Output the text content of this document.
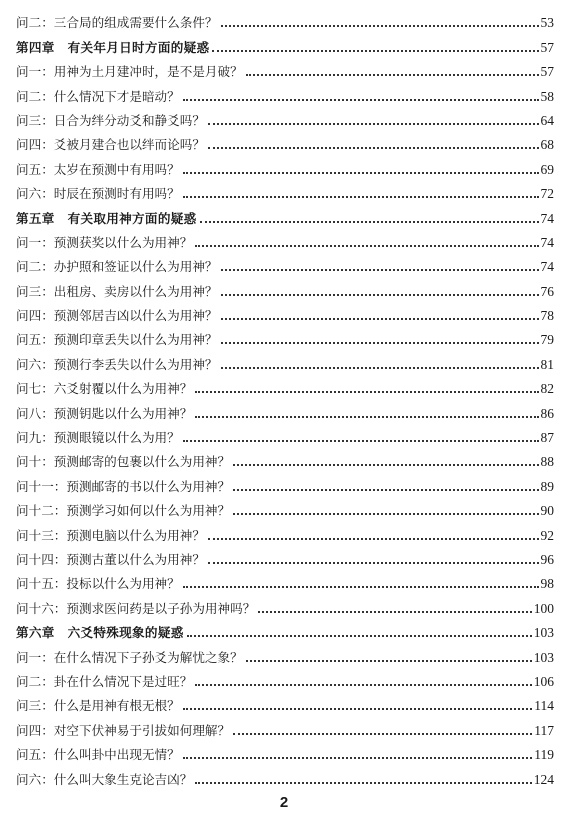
问二：三合局的组成需要什么条件？	53
第四章　有关年月日时方面的疑惑	57
问一：用神为土月建冲时，是不是月破？	57
问二：什么情况下才是暗动？	58
问三：日合为绊分动爻和静爻吗？	64
问四：爻被月建合也以绊而论吗？	68
问五：太岁在预测中有用吗？	69
问六：时辰在预测时有用吗？	72
第五章　有关取用神方面的疑惑	74
问一：预测获奖以什么为用神？	74
问二：办护照和签证以什么为用神？	74
问三：出租房、卖房以什么为用神？	76
问四：预测邻居吉凶以什么为用神？	78
问五：预测印章丢失以什么为用神？	79
问六：预测行李丢失以什么为用神？	81
问七：六爻射覆以什么为用神？	82
问八：预测钥匙以什么为用神？	86
问九：预测眼镜以什么为用？	87
问十：预测邮寄的包裹以什么为用神？	88
问十一：预测邮寄的书以什么为用神？	89
问十二：预测学习如何以什么为用神？	90
问十三：预测电脑以什么为用神？	92
问十四：预测古董以什么为用神？	96
问十五：投标以什么为用神？	98
问十六：预测求医问药是以子孙为用神吗？	100
第六章　六爻特殊现象的疑惑	103
问一：在什么情况下子孙爻为解忧之象？	103
问二：卦在什么情况下是过旺？	106
问三：什么是用神有根无根？	114
问四：对空下伏神易于引拔如何理解？	117
问五：什么叫卦中出现无情？	119
问六：什么叫大象生克论吉凶？	124
2
